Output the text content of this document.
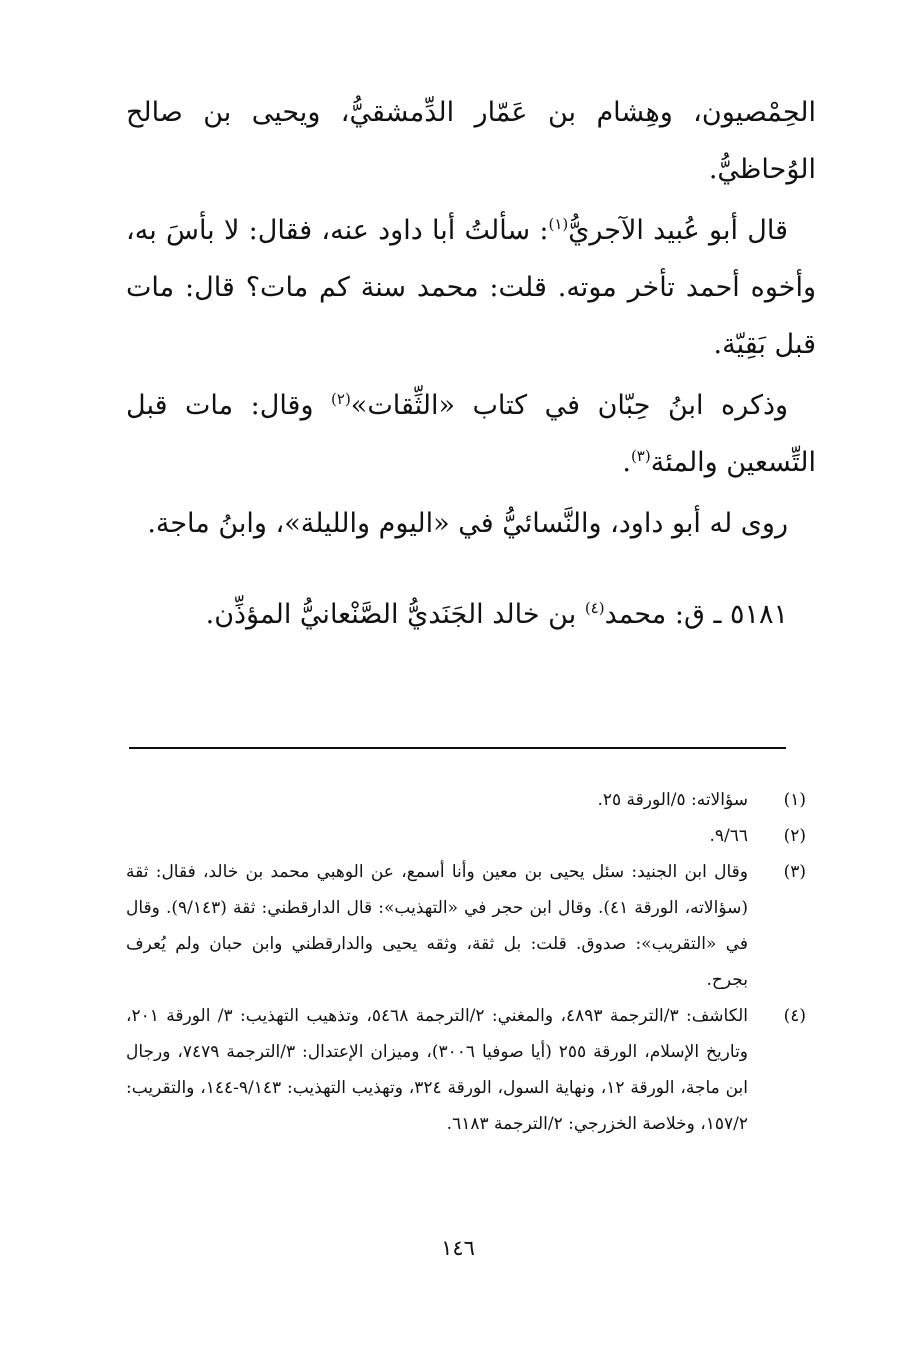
الحِمْصيون، وهِشام بن عَمّار الدِّمشقيُّ، ويحيى بن صالح الوُحاظيُّ.

قال أبو عُبيد الآجريُّ$^{(١)}$: سألتُ أبا داود عنه، فقال: لا بأسَ به، وأخوه أحمد تأخر موته. قلت: محمد سنة كم مات؟ قال: مات قبل بَقِيّة.

وذكره ابنُ حِبّان في كتاب «الثِّقات»$^{(٢)}$ وقال: مات قبل التِّسعين والمئة$^{(٣)}$.

روى له أبو داود، والنَّسائيُّ في «اليوم والليلة»، وابنُ ماجة.

٥١٨١ ـ ق: محمد$^{(٤)}$ بن خالد الجَنَديُّ الصَّنْعانيُّ المؤذِّن.

(١)
سؤالاته: ٥/الورقة ٢٥.
(٢)
٩/٦٦.
(٣)
وقال ابن الجنيد: سئل يحيى بن معين وأنا أسمع، عن الوهبي محمد بن خالد، فقال: ثقة (سؤالاته، الورقة ٤١). وقال ابن حجر في «التهذيب»: قال الدارقطني: ثقة (٩/١٤٣). وقال في «التقريب»: صدوق. قلت: بل ثقة، وثقه يحيى والدارقطني وابن حبان ولم يُعرف بجرح.
(٤)
الكاشف: ٣/الترجمة ٤٨٩٣، والمغني: ٢/الترجمة ٥٤٦٨، وتذهيب التهذيب: ٣/ الورقة ٢٠١، وتاريخ الإسلام، الورقة ٢٥٥ (أيا صوفيا ٣٠٠٦)، وميزان الإعتدال: ٣/الترجمة ٧٤٧٩، ورجال ابن ماجة، الورقة ١٢، ونهاية السول، الورقة ٣٢٤، وتهذيب التهذيب: ٩/١٤٣-١٤٤، والتقريب: ١٥٧/٢، وخلاصة الخزرجي: ٢/الترجمة ٦١٨٣.
١٤٦
